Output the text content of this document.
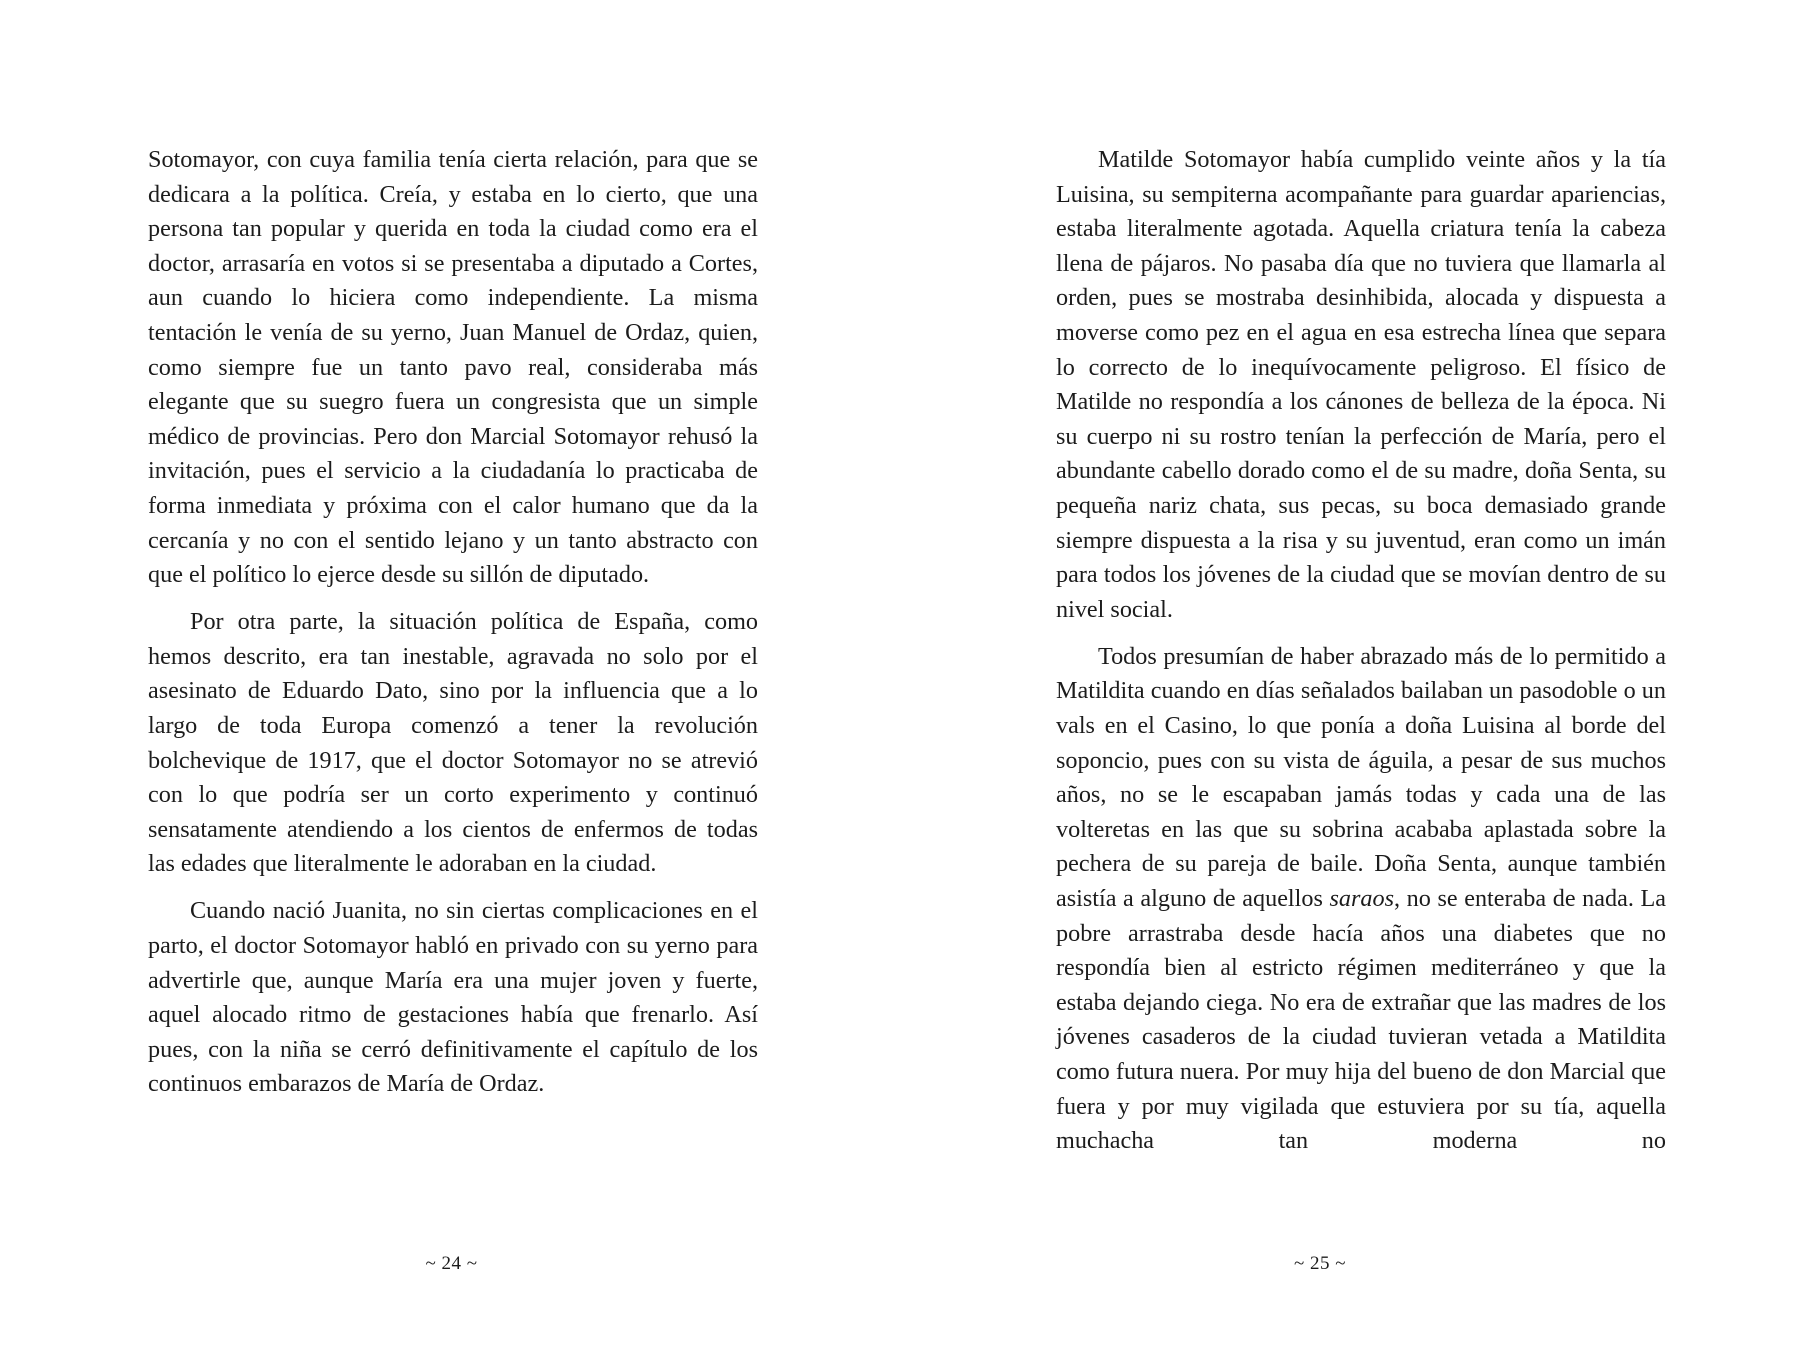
Sotomayor, con cuya familia tenía cierta relación, para que se dedicara a la política. Creía, y estaba en lo cierto, que una persona tan popular y querida en toda la ciudad como era el doctor, arrasaría en votos si se presentaba a diputado a Cortes, aun cuando lo hiciera como independiente. La misma tentación le venía de su yerno, Juan Manuel de Ordaz, quien, como siempre fue un tanto pavo real, consideraba más elegante que su suegro fuera un congresista que un simple médico de provincias. Pero don Marcial Sotomayor rehusó la invitación, pues el servicio a la ciudadanía lo practicaba de forma inmediata y próxima con el calor humano que da la cercanía y no con el sentido lejano y un tanto abstracto con que el político lo ejerce desde su sillón de diputado.

Por otra parte, la situación política de España, como hemos descrito, era tan inestable, agravada no solo por el asesinato de Eduardo Dato, sino por la influencia que a lo largo de toda Europa comenzó a tener la revolución bolchevique de 1917, que el doctor Sotomayor no se atrevió con lo que podría ser un corto experimento y continuó sensatamente atendiendo a los cientos de enfermos de todas las edades que literalmente le adoraban en la ciudad.

Cuando nació Juanita, no sin ciertas complicaciones en el parto, el doctor Sotomayor habló en privado con su yerno para advertirle que, aunque María era una mujer joven y fuerte, aquel alocado ritmo de gestaciones había que frenarlo. Así pues, con la niña se cerró definitivamente el capítulo de los continuos embarazos de María de Ordaz.

~ 24 ~

Matilde Sotomayor había cumplido veinte años y la tía Luisina, su sempiterna acompañante para guardar apariencias, estaba literalmente agotada. Aquella criatura tenía la cabeza llena de pájaros. No pasaba día que no tuviera que llamarla al orden, pues se mostraba desinhibida, alocada y dispuesta a moverse como pez en el agua en esa estrecha línea que separa lo correcto de lo inequívocamente peligroso. El físico de Matilde no respondía a los cánones de belleza de la época. Ni su cuerpo ni su rostro tenían la perfección de María, pero el abundante cabello dorado como el de su madre, doña Senta, su pequeña nariz chata, sus pecas, su boca demasiado grande siempre dispuesta a la risa y su juventud, eran como un imán para todos los jóvenes de la ciudad que se movían dentro de su nivel social.

Todos presumían de haber abrazado más de lo permitido a Matildita cuando en días señalados bailaban un pasodoble o un vals en el Casino, lo que ponía a doña Luisina al borde del soponcio, pues con su vista de águila, a pesar de sus muchos años, no se le escapaban jamás todas y cada una de las volteretas en las que su sobrina acababa aplastada sobre la pechera de su pareja de baile. Doña Senta, aunque también asistía a alguno de aquellos saraos, no se enteraba de nada. La pobre arrastraba desde hacía años una diabetes que no respondía bien al estricto régimen mediterráneo y que la estaba dejando ciega. No era de extrañar que las madres de los jóvenes casaderos de la ciudad tuvieran vetada a Matildita como futura nuera. Por muy hija del bueno de don Marcial que fuera y por muy vigilada que estuviera por su tía, aquella muchacha tan moderna no

~ 25 ~
